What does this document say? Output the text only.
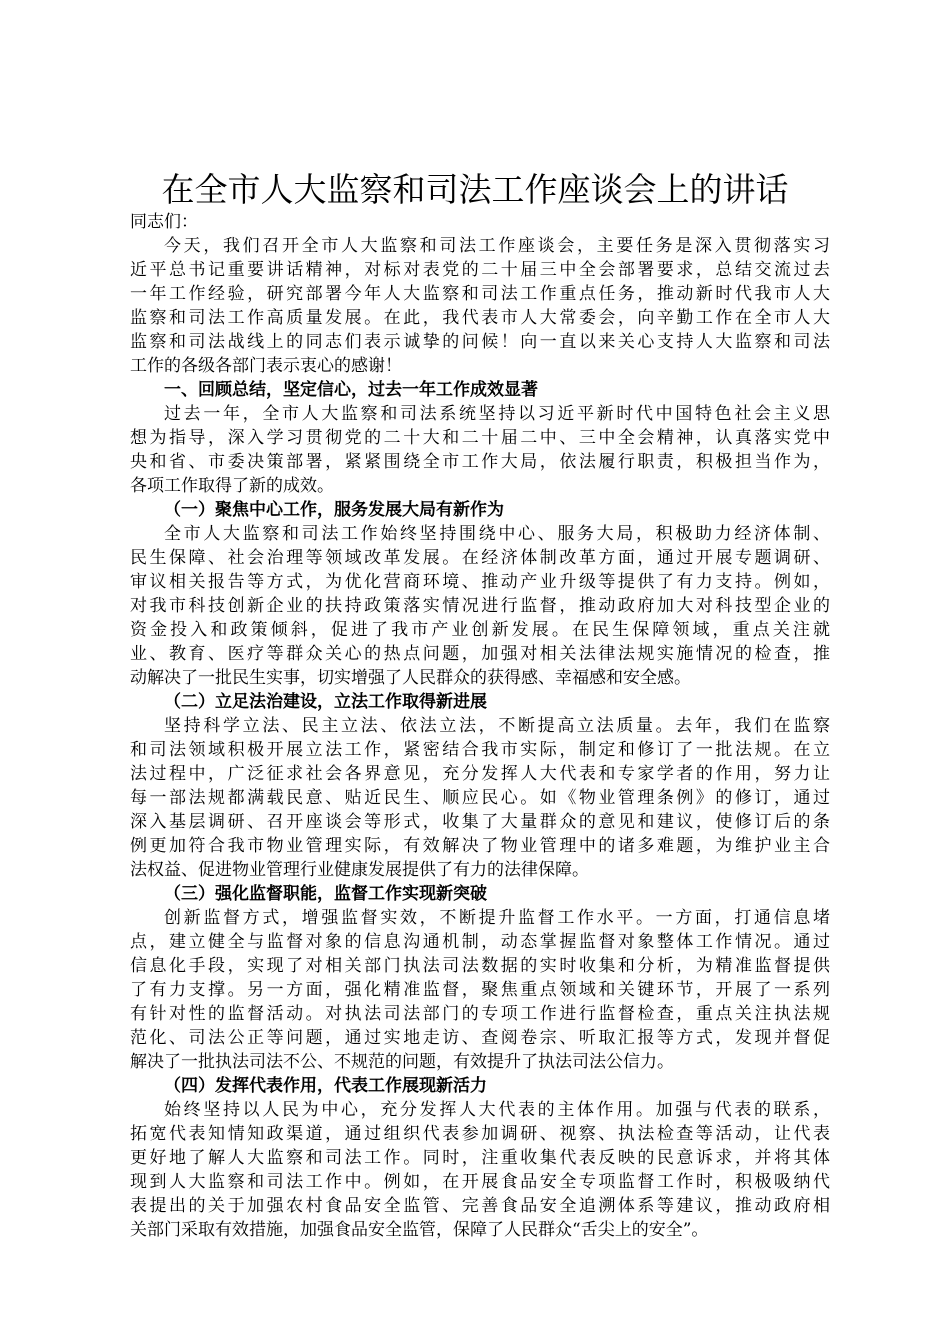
在全市人大监察和司法工作座谈会上的讲话
同志们：
今天，我们召开全市人大监察和司法工作座谈会，主要任务是深入贯彻落实习
近平总书记重要讲话精神，对标对表党的二十届三中全会部署要求，总结交流过去
一年工作经验，研究部署今年人大监察和司法工作重点任务，推动新时代我市人大
监察和司法工作高质量发展。在此，我代表市人大常委会，向辛勤工作在全市人大
监察和司法战线上的同志们表示诚挚的问候！向一直以来关心支持人大监察和司法
工作的各级各部门表示衷心的感谢！
一、回顾总结，坚定信心，过去一年工作成效显著
过去一年，全市人大监察和司法系统坚持以习近平新时代中国特色社会主义思
想为指导，深入学习贯彻党的二十大和二十届二中、三中全会精神，认真落实党中
央和省、市委决策部署，紧紧围绕全市工作大局，依法履行职责，积极担当作为，
各项工作取得了新的成效。
（一）聚焦中心工作，服务发展大局有新作为
全市人大监察和司法工作始终坚持围绕中心、服务大局，积极助力经济体制、
民生保障、社会治理等领域改革发展。在经济体制改革方面，通过开展专题调研、
审议相关报告等方式，为优化营商环境、推动产业升级等提供了有力支持。例如，
对我市科技创新企业的扶持政策落实情况进行监督，推动政府加大对科技型企业的
资金投入和政策倾斜，促进了我市产业创新发展。在民生保障领域，重点关注就
业、教育、医疗等群众关心的热点问题，加强对相关法律法规实施情况的检查，推
动解决了一批民生实事，切实增强了人民群众的获得感、幸福感和安全感。
（二）立足法治建设，立法工作取得新进展
坚持科学立法、民主立法、依法立法，不断提高立法质量。去年，我们在监察
和司法领域积极开展立法工作，紧密结合我市实际，制定和修订了一批法规。在立
法过程中，广泛征求社会各界意见，充分发挥人大代表和专家学者的作用，努力让
每一部法规都满载民意、贴近民生、顺应民心。如《物业管理条例》的修订，通过
深入基层调研、召开座谈会等形式，收集了大量群众的意见和建议，使修订后的条
例更加符合我市物业管理实际，有效解决了物业管理中的诸多难题，为维护业主合
法权益、促进物业管理行业健康发展提供了有力的法律保障。
（三）强化监督职能，监督工作实现新突破
创新监督方式，增强监督实效，不断提升监督工作水平。一方面，打通信息堵
点，建立健全与监督对象的信息沟通机制，动态掌握监督对象整体工作情况。通过
信息化手段，实现了对相关部门执法司法数据的实时收集和分析，为精准监督提供
了有力支撑。另一方面，强化精准监督，聚焦重点领域和关键环节，开展了一系列
有针对性的监督活动。对执法司法部门的专项工作进行监督检查，重点关注执法规
范化、司法公正等问题，通过实地走访、查阅卷宗、听取汇报等方式，发现并督促
解决了一批执法司法不公、不规范的问题，有效提升了执法司法公信力。
（四）发挥代表作用，代表工作展现新活力
始终坚持以人民为中心，充分发挥人大代表的主体作用。加强与代表的联系，
拓宽代表知情知政渠道，通过组织代表参加调研、视察、执法检查等活动，让代表
更好地了解人大监察和司法工作。同时，注重收集代表反映的民意诉求，并将其体
现到人大监察和司法工作中。例如，在开展食品安全专项监督工作时，积极吸纳代
表提出的关于加强农村食品安全监管、完善食品安全追溯体系等建议，推动政府相
关部门采取有效措施，加强食品安全监管，保障了人民群众“舌尖上的安全”。
